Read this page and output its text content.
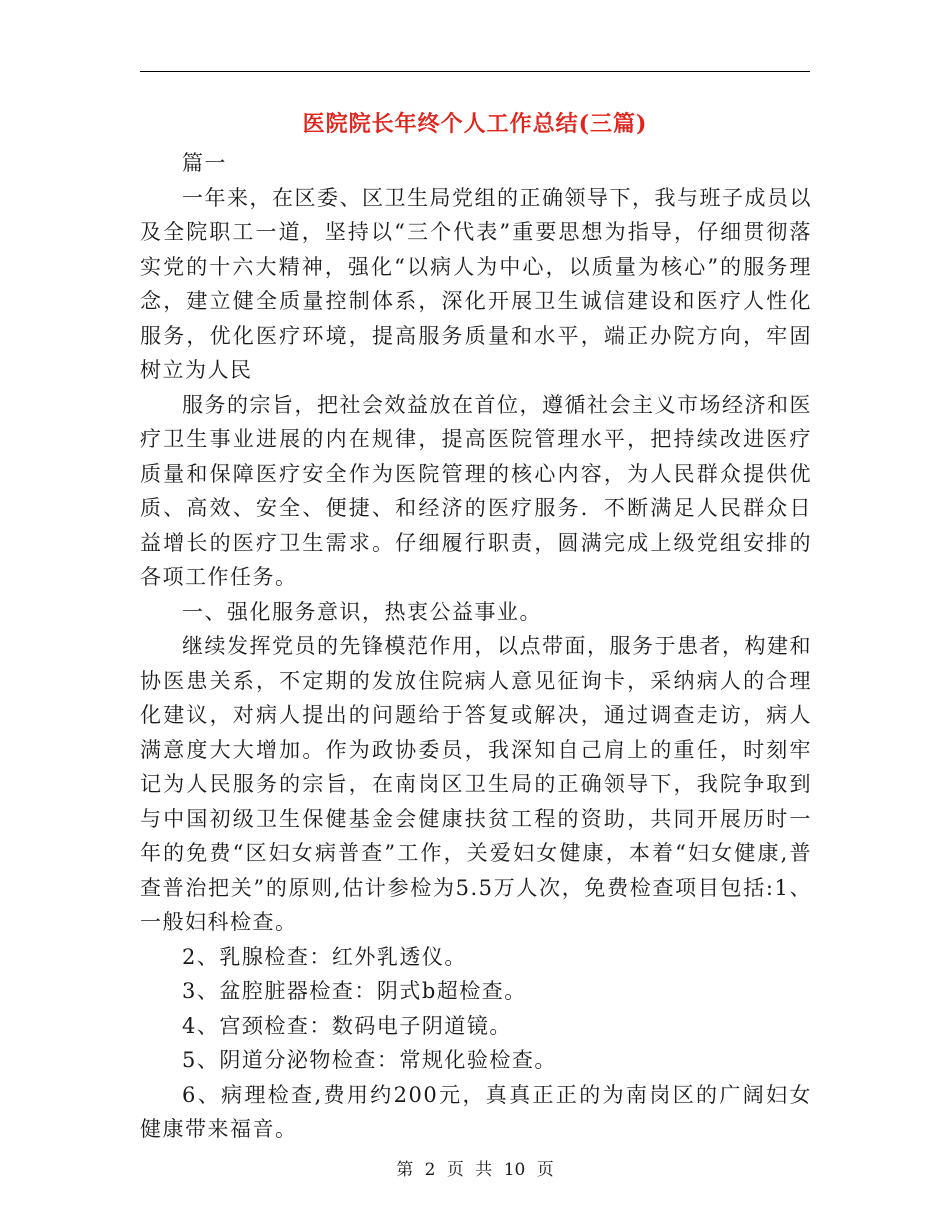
医院院长年终个人工作总结(三篇)

篇一

一年来，在区委、区卫生局党组的正确领导下，我与班子成员以及全院职工一道，坚持以“三个代表”重要思想为指导，仔细贯彻落实党的十六大精神，强化“以病人为中心，以质量为核心”的服务理念，建立健全质量控制体系，深化开展卫生诚信建设和医疗人性化服务，优化医疗环境，提高服务质量和水平，端正办院方向，牢固树立为人民

服务的宗旨，把社会效益放在首位，遵循社会主义市场经济和医疗卫生事业进展的内在规律，提高医院管理水平，把持续改进医疗质量和保障医疗安全作为医院管理的核心内容，为人民群众提供优质、高效、安全、便捷、和经济的医疗服务．不断满足人民群众日益增长的医疗卫生需求。仔细履行职责，圆满完成上级党组安排的各项工作任务。

一、强化服务意识，热衷公益事业。

继续发挥党员的先锋模范作用，以点带面，服务于患者，构建和协医患关系，不定期的发放住院病人意见征询卡，采纳病人的合理化建议，对病人提出的问题给于答复或解决，通过调查走访，病人满意度大大增加。作为政协委员，我深知自己肩上的重任，时刻牢记为人民服务的宗旨，在南岗区卫生局的正确领导下，我院争取到与中国初级卫生保健基金会健康扶贫工程的资助，共同开展历时一年的免费“区妇女病普查”工作，关爱妇女健康，本着“妇女健康,普查普治把关”的原则,估计参检为5.5万人次，免费检查项目包括:1、一般妇科检查。

2、乳腺检查：红外乳透仪。

3、盆腔脏器检查：阴式b超检查。

4、宫颈检查：数码电子阴道镜。

5、阴道分泌物检查：常规化验检查。

6、病理检查,费用约200元，真真正正的为南岗区的广阔妇女健康带来福音。

第 2 页 共 10 页
